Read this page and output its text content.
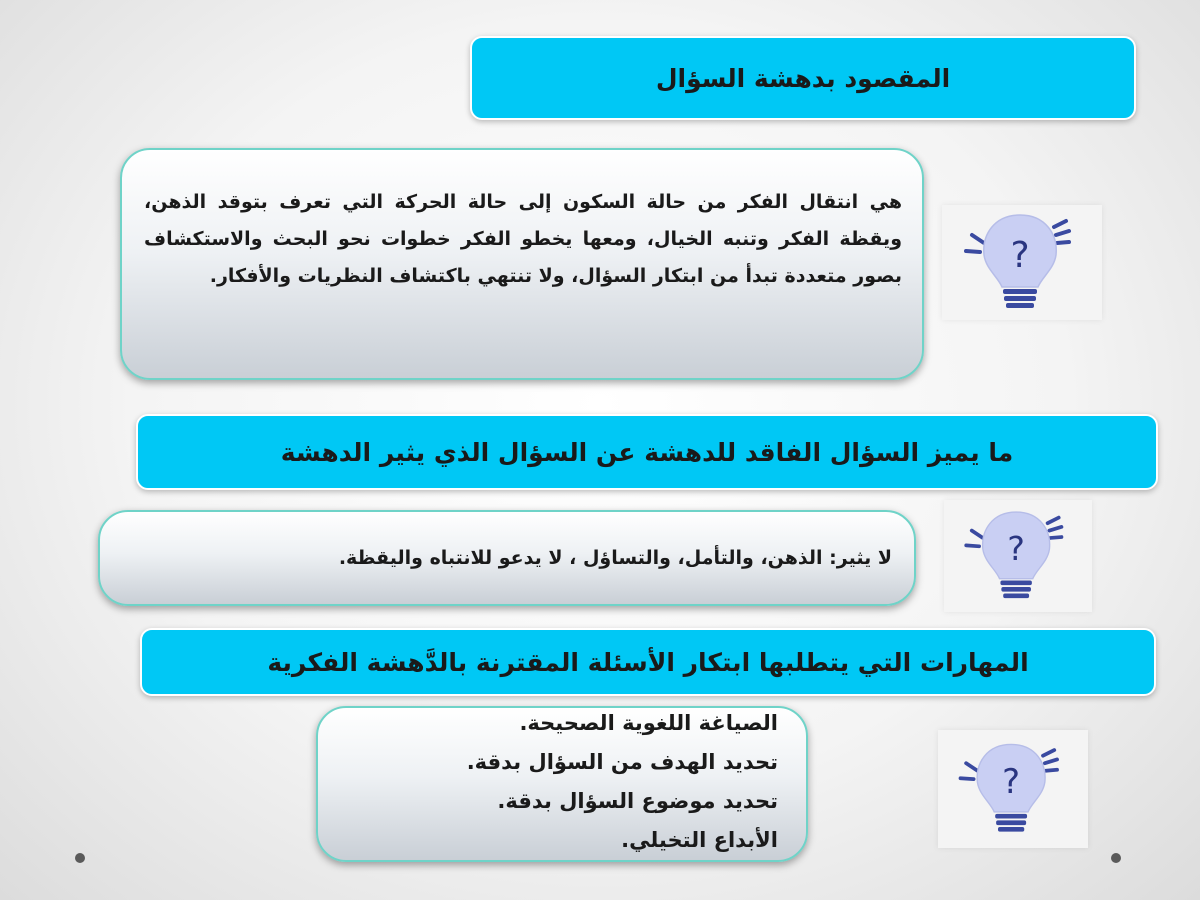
المقصود بدهشة السؤال
هي انتقال الفكر من حالة السكون إلى حالة الحركة التي تعرف بتوقد الذهن، ويقظة الفكر وتنبه الخيال، ومعها يخطو الفكر خطوات نحو البحث والاستكشاف بصور متعددة تبدأ من ابتكار السؤال، ولا تنتهي باكتشاف النظريات والأفكار.	?
ما يميز السؤال الفاقد للدهشة عن السؤال الذي يثير الدهشة
لا يثير: الذهن، والتأمل، والتساؤل ، لا يدعو للانتباه واليقظة.	?
المهارات التي يتطلبها ابتكار الأسئلة المقترنة بالدَّهشة الفكرية
الصياغة اللغوية الصحيحة.
تحديد الهدف من السؤال بدقة.
تحديد موضوع السؤال بدقة.
الأبداع التخيلي.
?
